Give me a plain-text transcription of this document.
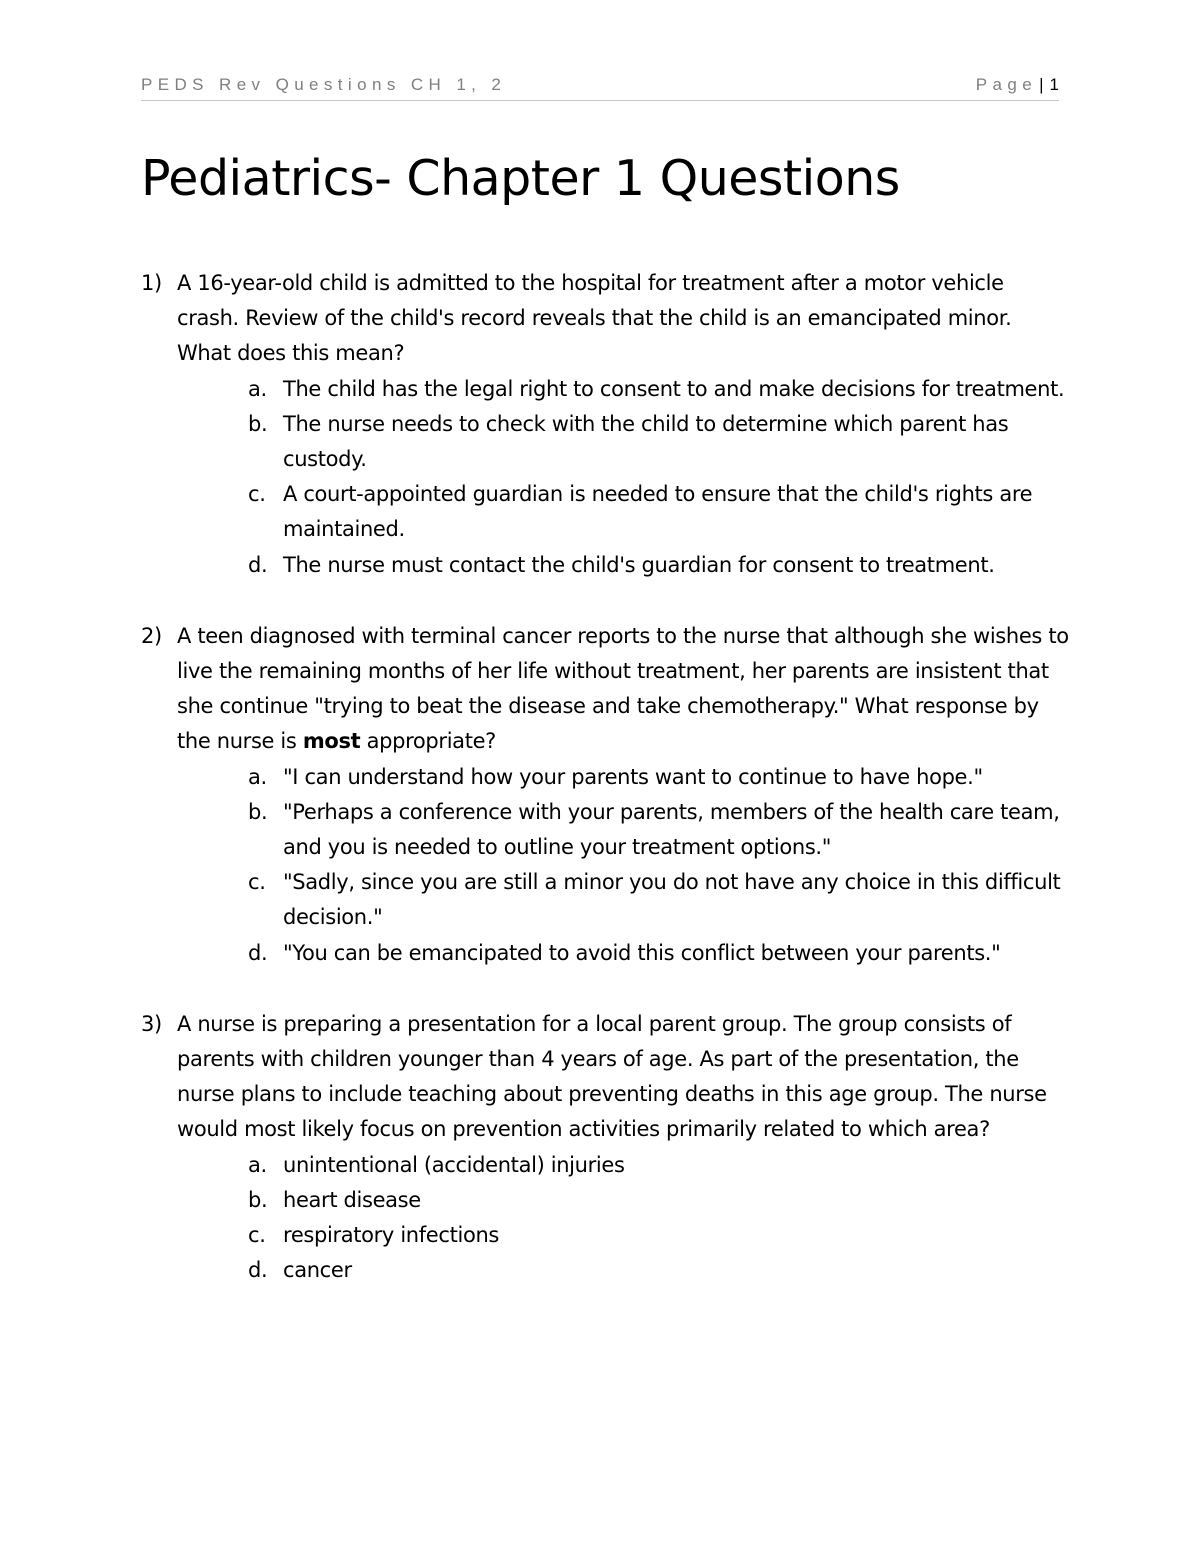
PEDS Rev Questions CH 1, 2	Page | 1
Pediatrics- Chapter 1 Questions
1) A 16-year-old child is admitted to the hospital for treatment after a motor vehicle crash. Review of the child's record reveals that the child is an emancipated minor. What does this mean?
a. The child has the legal right to consent to and make decisions for treatment.
b. The nurse needs to check with the child to determine which parent has custody.
c. A court-appointed guardian is needed to ensure that the child's rights are maintained.
d. The nurse must contact the child's guardian for consent to treatment.
2) A teen diagnosed with terminal cancer reports to the nurse that although she wishes to live the remaining months of her life without treatment, her parents are insistent that she continue "trying to beat the disease and take chemotherapy." What response by the nurse is most appropriate?
a. "I can understand how your parents want to continue to have hope."
b. "Perhaps a conference with your parents, members of the health care team, and you is needed to outline your treatment options."
c. "Sadly, since you are still a minor you do not have any choice in this difficult decision."
d. "You can be emancipated to avoid this conflict between your parents."
3) A nurse is preparing a presentation for a local parent group. The group consists of parents with children younger than 4 years of age. As part of the presentation, the nurse plans to include teaching about preventing deaths in this age group. The nurse would most likely focus on prevention activities primarily related to which area?
a. unintentional (accidental) injuries
b. heart disease
c. respiratory infections
d. cancer
